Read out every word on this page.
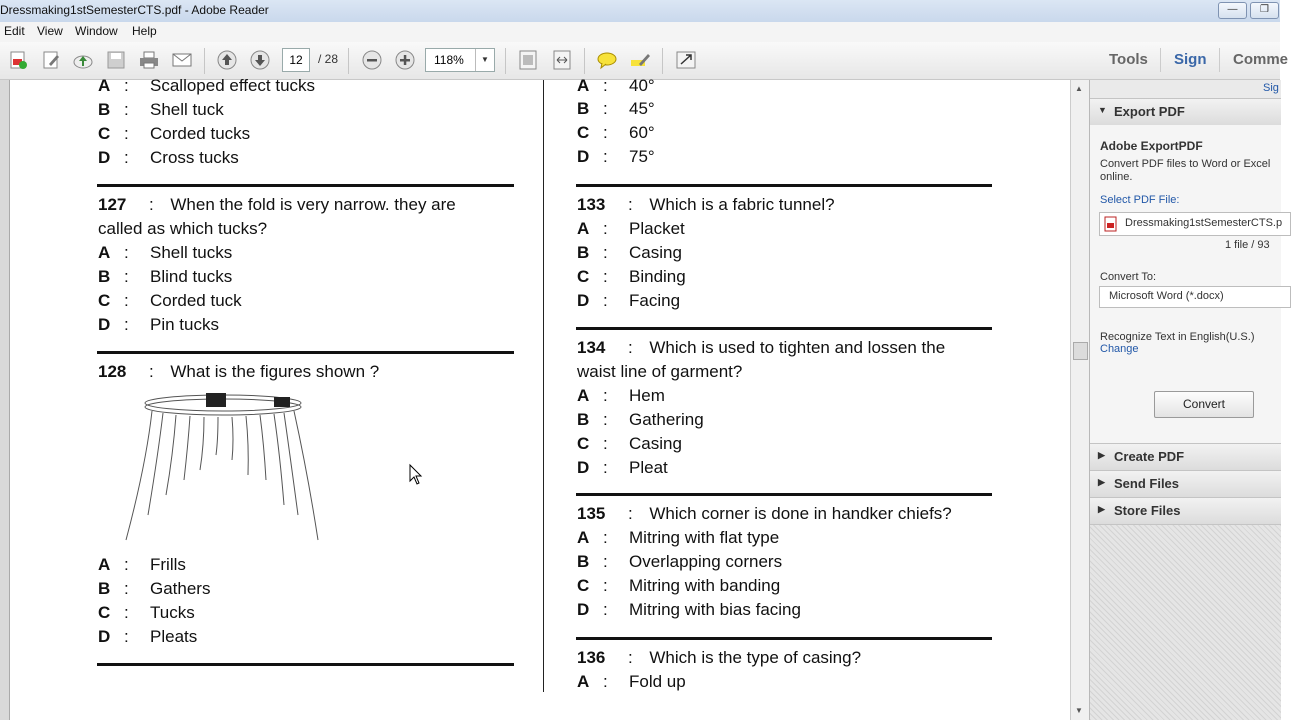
Dressmaking1stSemesterCTS.pdf - Adobe Reader	—	❐
Edit View Window Help
12	/ 28	118%	▼	Tools Sign Comme
A : Scalloped effect tucks
B : Shell tuck
C : Corded tucks
D : Cross tucks
127 : When the fold is very narrow. they are
called as which tucks?
A : Shell tucks
B : Blind tucks
C : Corded tuck
D : Pin tucks
128 : What is the figures shown ?
A : Frills
B : Gathers
C : Tucks
D : Pleats
A : 40°
B : 45°
C : 60°
D : 75°
133 : Which is a fabric tunnel?
A : Placket
B : Casing
C : Binding
D : Facing
134 : Which is used to tighten and lossen the
waist line of garment?
A : Hem
B : Gathering
C : Casing
D : Pleat
135 : Which corner is done in handker chiefs?
A : Mitring with flat type
B : Overlapping corners
C : Mitring with banding
D : Mitring with bias facing
136 : Which is the type of casing?
A : Fold up
▲
▼
Sig
▼ Export PDF
Adobe ExportPDF
Convert PDF files to Word or Excel
online.
Select PDF File:
Dressmaking1stSemesterCTS.p
1 file / 93
Convert To:
Microsoft Word (*.docx)
Recognize Text in English(U.S.)
Change
Convert
▶ Create PDF
▶ Send Files
▶ Store Files
